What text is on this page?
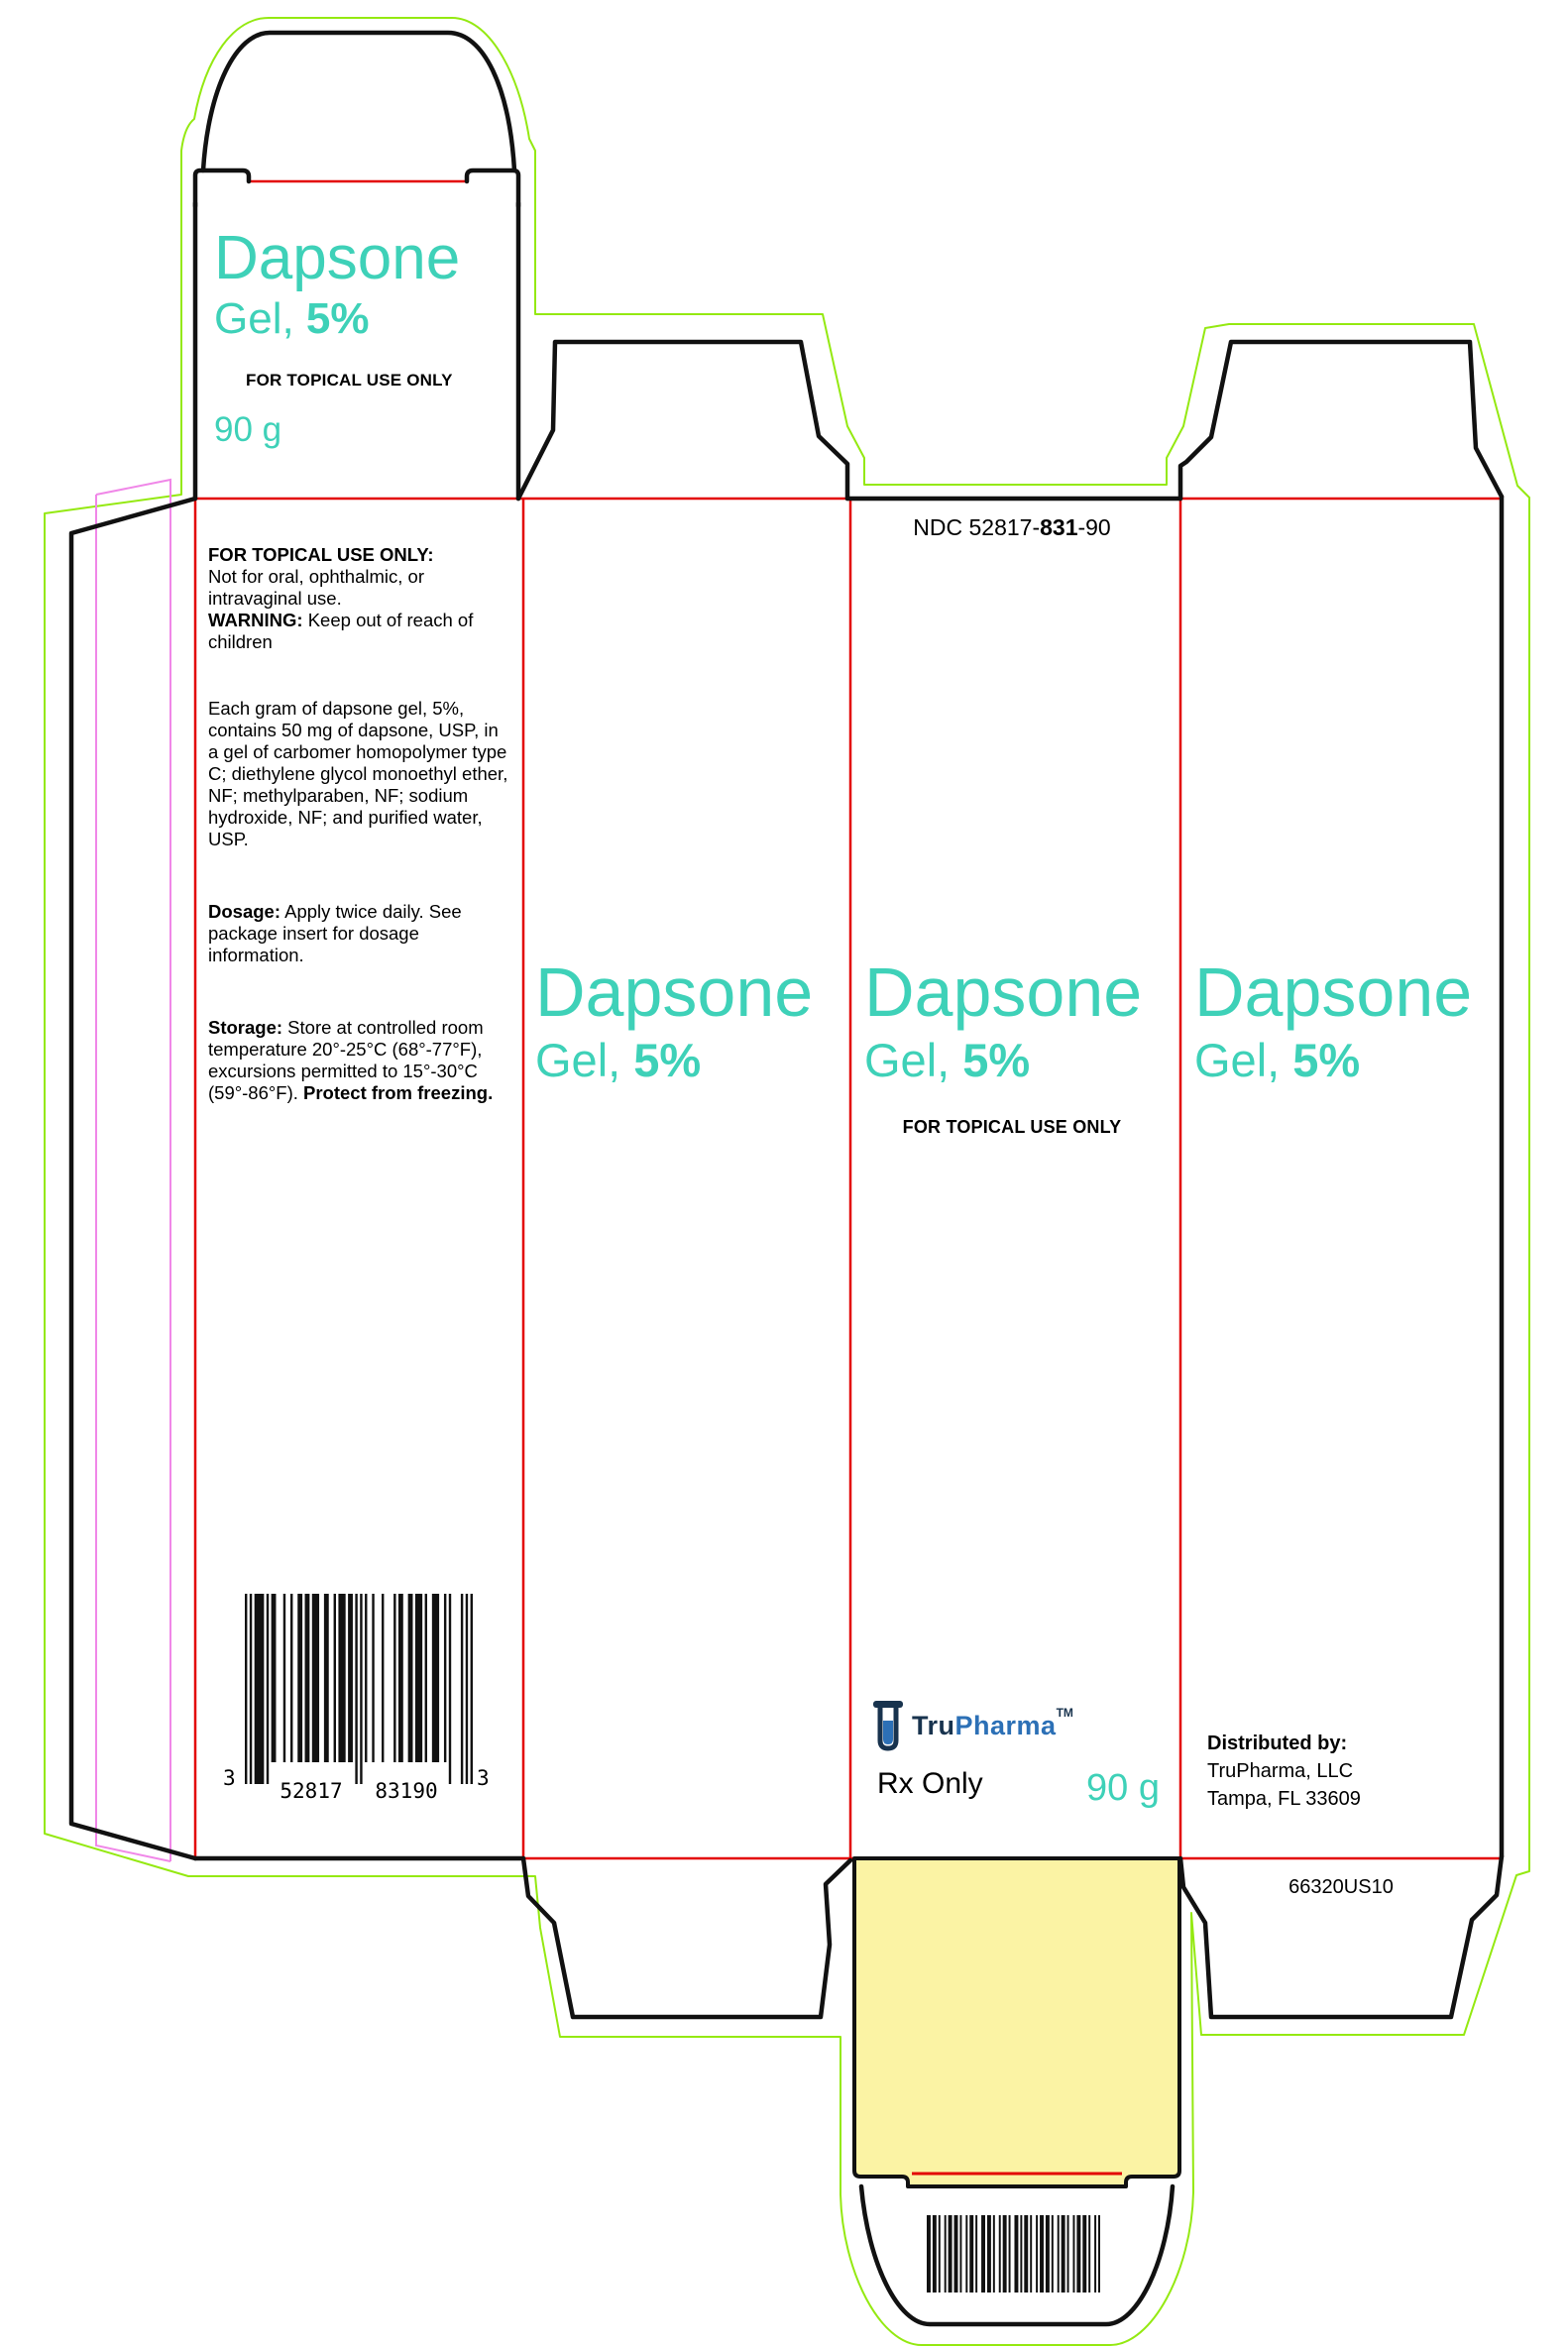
Dapsone
Gel, 5%
FOR TOPICAL USE ONLY
90 g
FOR TOPICAL USE ONLY:
Not for oral, ophthalmic, or intravaginal use.
WARNING: Keep out of reach of children
Each gram of dapsone gel, 5%, contains 50 mg of dapsone, USP, in a gel of carbomer homopolymer type C; diethylene glycol monoethyl ether, NF; methylparaben, NF; sodium hydroxide, NF; and purified water, USP.
Dosage: Apply twice daily. See package insert for dosage information.
Storage: Store at controlled room temperature 20°-25°C (68°-77°F), excursions permitted to 15°-30°C (59°-86°F). Protect from freezing.
3
52817 83190
3
Dapsone
Gel, 5%
NDC 52817-831-90
Dapsone
Gel, 5%
FOR TOPICAL USE ONLY
TruPharma™
Rx Only	90 g
Dapsone
Gel, 5%
Distributed by:
TruPharma, LLC
Tampa, FL 33609
66320US10
